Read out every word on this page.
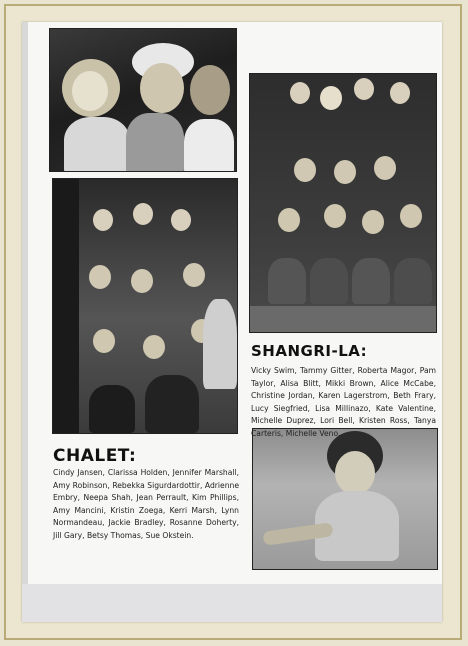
SHANGRI-LA:

Vicky Swim, Tammy Gitter, Roberta Magor, Pam Taylor, Alisa Blitt, Mikki Brown, Alice McCabe, Christine Jordan, Karen Lagerstrom, Beth Frary, Lucy Siegfried, Lisa Millinazo, Kate Valentine, Michelle Duprez, Lori Bell, Kristen Ross, Tanya Carteris, Michelle Veno.

CHALET:

Cindy Jansen, Clarissa Holden, Jennifer Marshall, Amy Robinson, Rebekka Sigurdardottir, Adrienne Embry, Neepa Shah, Jean Perrault, Kim Phillips, Amy Mancini, Kristin Zoega, Kerri Marsh, Lynn Normandeau, Jackie Bradley, Rosanne Doherty, Jill Gary, Betsy Thomas, Sue Okstein.
